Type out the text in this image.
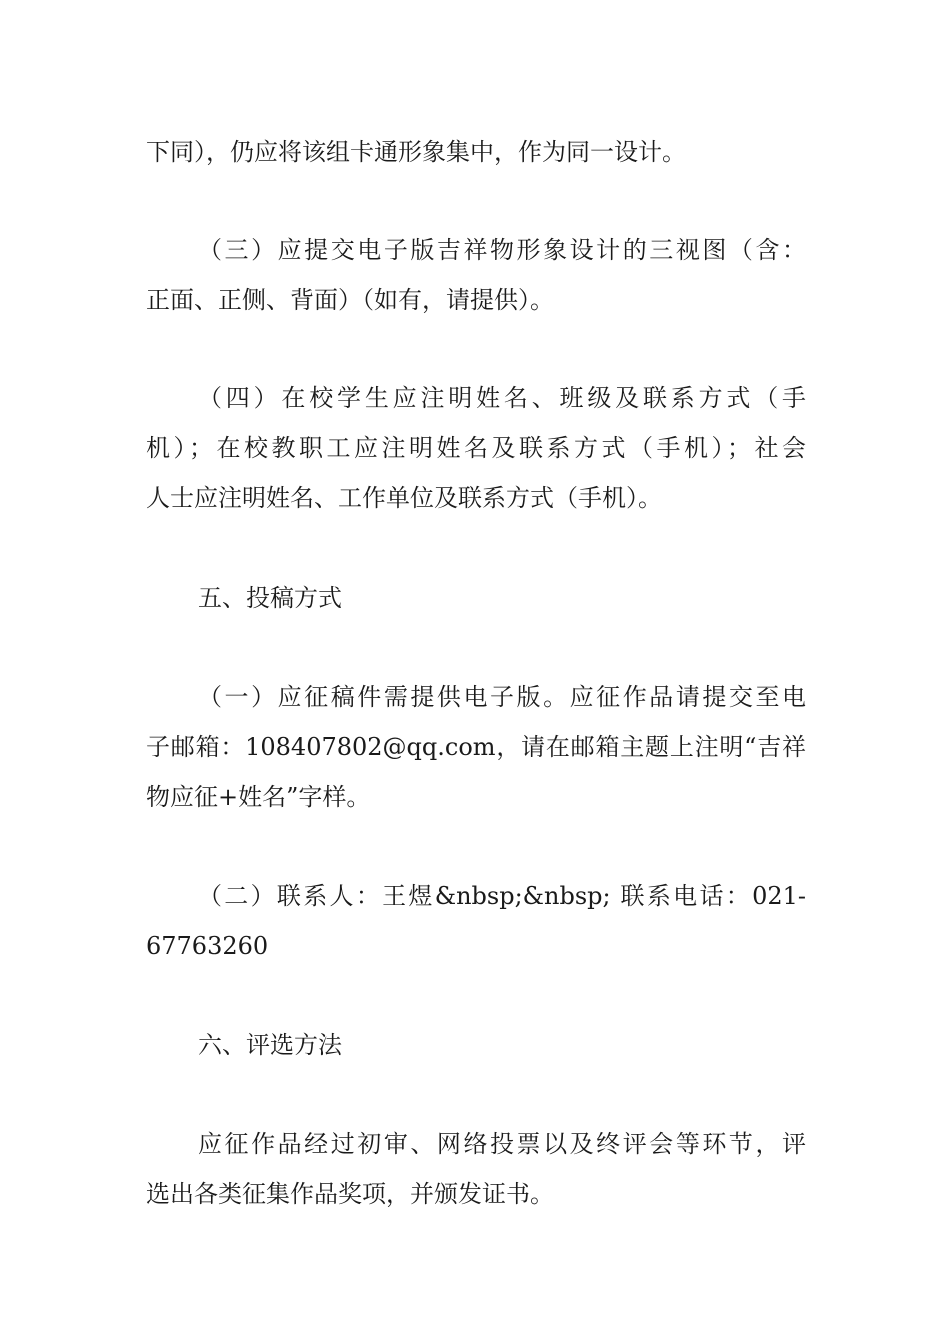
下同），仍应将该组卡通形象集中，作为同一设计。
（三）应提交电子版吉祥物形象设计的三视图（含：
正面、正侧、背面）（如有，请提供）。
（四）在校学生应注明姓名、班级及联系方式（手
机）；在校教职工应注明姓名及联系方式（手机）；社会
人士应注明姓名、工作单位及联系方式（手机）。
五、投稿方式
（一）应征稿件需提供电子版。应征作品请提交至电
子邮箱：108407802@qq.com，请在邮箱主题上注明“吉祥
物应征+姓名”字样。
（二）联系人：王煜&nbsp;&nbsp; 联系电话：021-
67763260
六、评选方法
应征作品经过初审、网络投票以及终评会等环节，评
选出各类征集作品奖项，并颁发证书。
